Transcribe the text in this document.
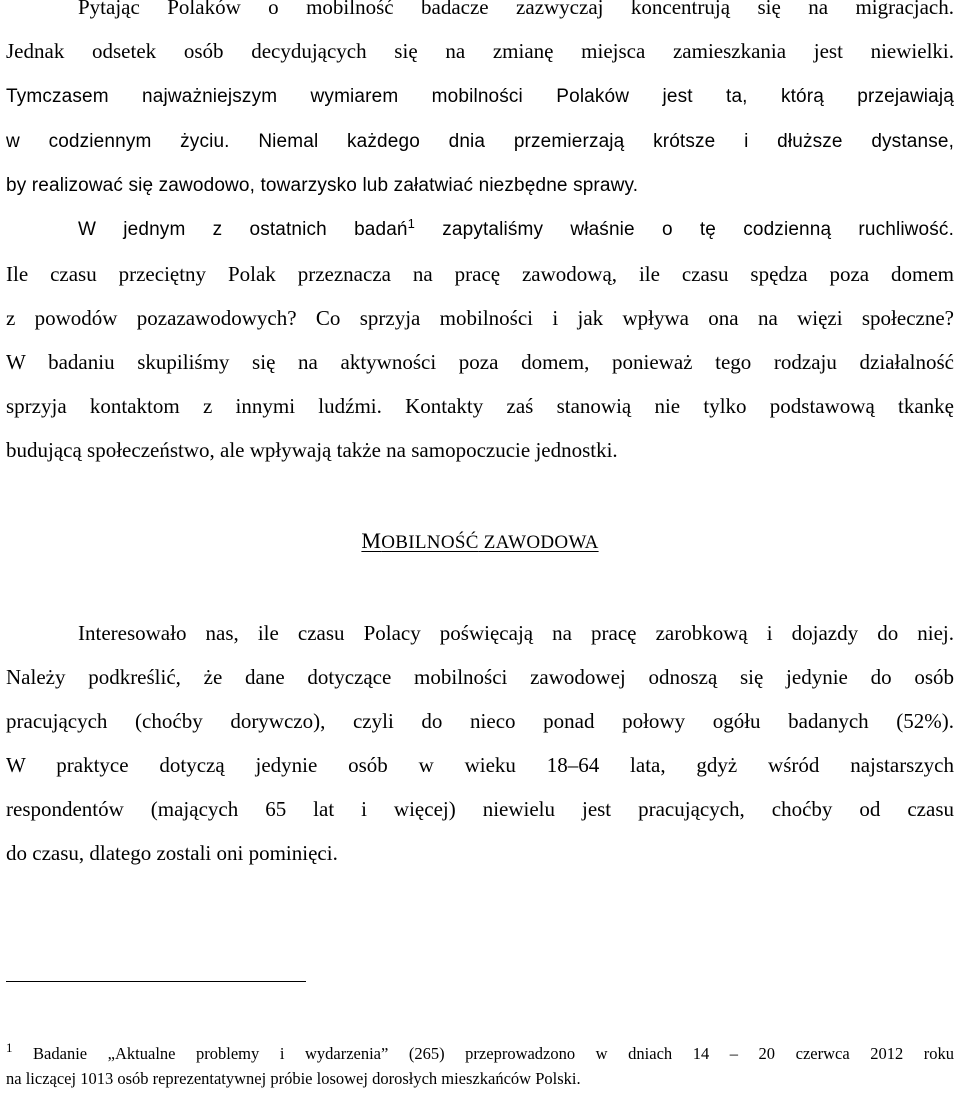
Pytając Polaków o mobilność badacze zazwyczaj koncentrują się na migracjach.

Jednak odsetek osób decydujących się na zmianę miejsca zamieszkania jest niewielki.

Tymczasem najważniejszym wymiarem mobilności Polaków jest ta, którą przejawiają

w codziennym życiu. Niemal każdego dnia przemierzają krótsze i dłuższe dystanse,

by realizować się zawodowo, towarzysko lub załatwiać niezbędne sprawy.

W jednym z ostatnich badań$^1$ zapytaliśmy właśnie o tę codzienną ruchliwość.

Ile czasu przeciętny Polak przeznacza na pracę zawodową, ile czasu spędza poza domem

z powodów pozazawodowych? Co sprzyja mobilności i jak wpływa ona na więzi społeczne?

W badaniu skupiliśmy się na aktywności poza domem, ponieważ tego rodzaju działalność

sprzyja kontaktom z innymi ludźmi. Kontakty zaś stanowią nie tylko podstawową tkankę

budującą społeczeństwo, ale wpływają także na samopoczucie jednostki.

MOBILNOŚĆ ZAWODOWA

Interesowało nas, ile czasu Polacy poświęcają na pracę zarobkową i dojazdy do niej.

Należy podkreślić, że dane dotyczące mobilności zawodowej odnoszą się jedynie do osób

pracujących (choćby dorywczo), czyli do nieco ponad połowy ogółu badanych (52%).

W praktyce dotyczą jedynie osób w wieku 18–64 lata, gdyż wśród najstarszych

respondentów (mających 65 lat i więcej) niewielu jest pracujących, choćby od czasu

do czasu, dlatego zostali oni pominięci.

$^1$ Badanie „Aktualne problemy i wydarzenia” (265) przeprowadzono w dniach 14 – 20 czerwca 2012 roku

na liczącej 1013 osób reprezentatywnej próbie losowej dorosłych mieszkańców Polski.
